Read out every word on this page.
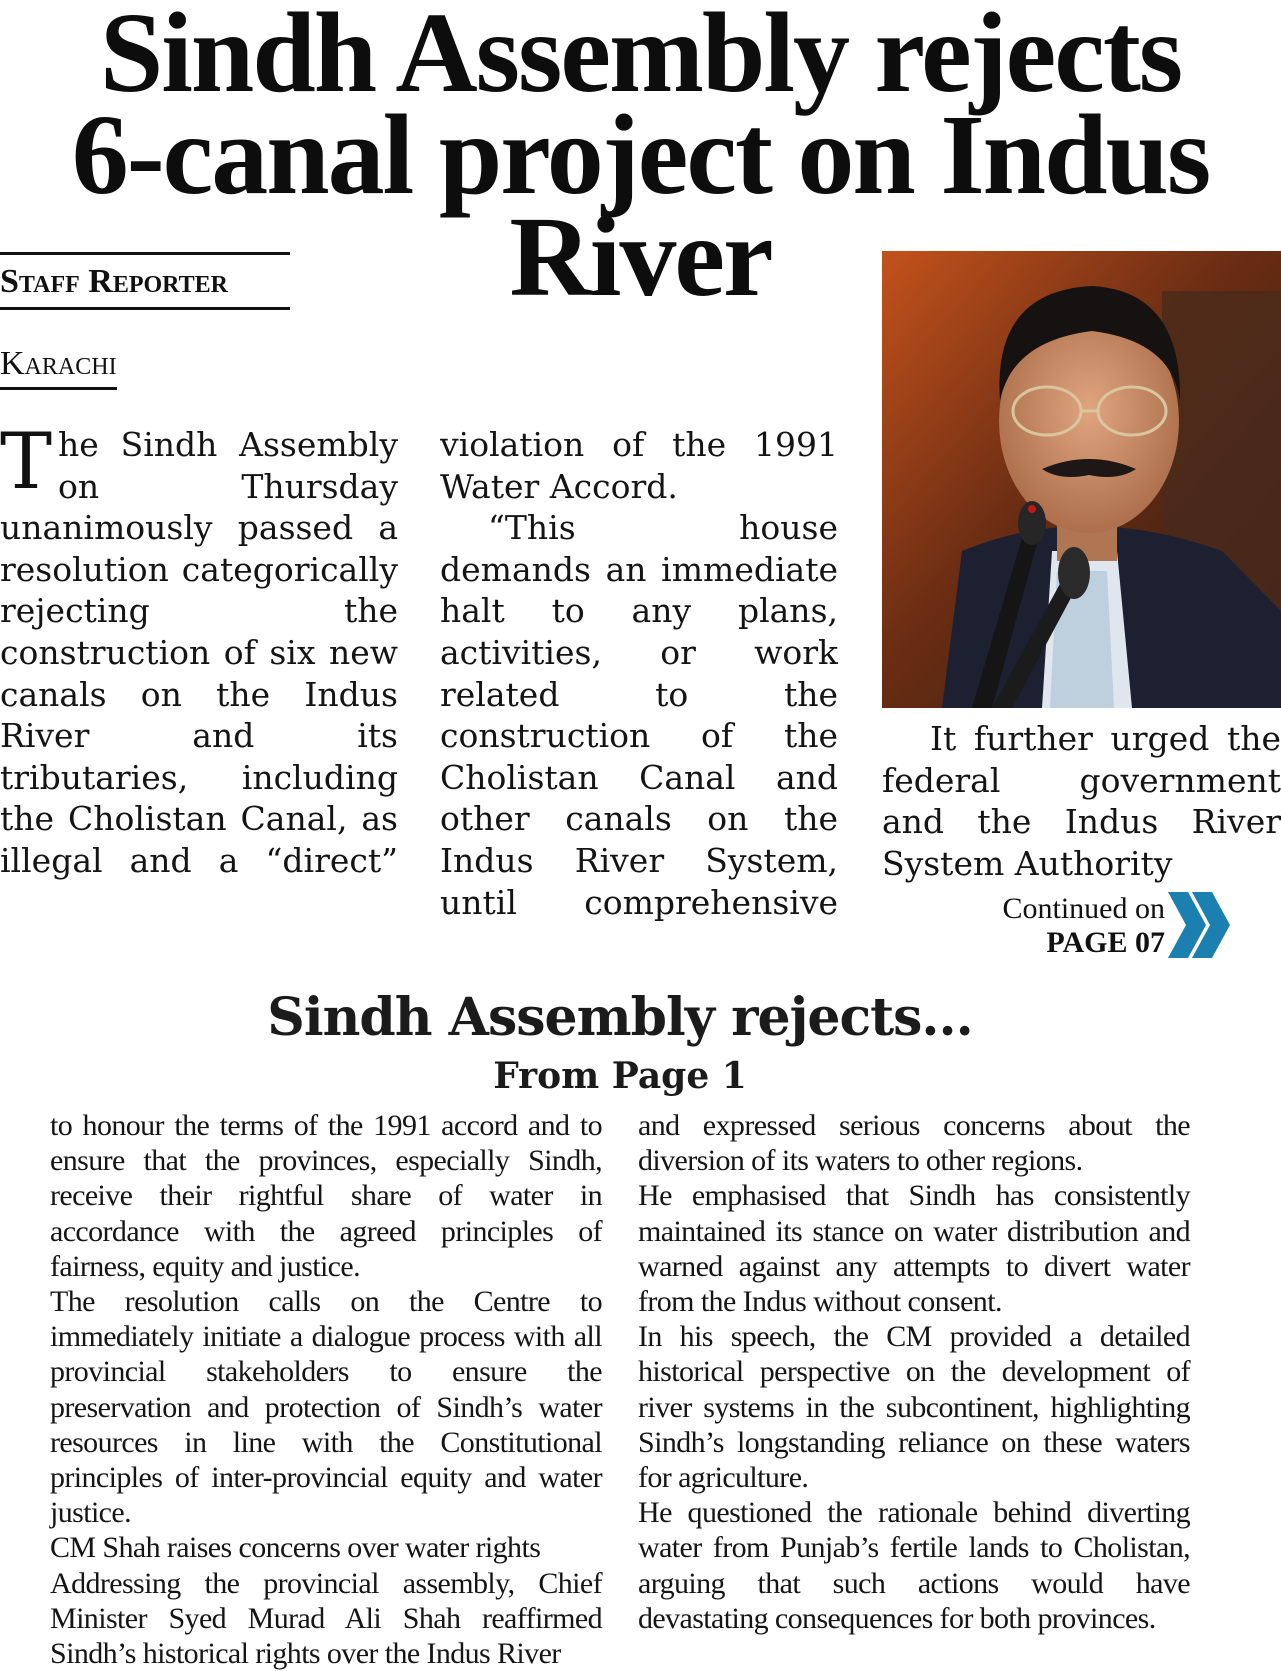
Sindh Assembly rejects
6-canal project on Indus River
Staff Reporter
Karachi

The Sindh Assembly on Thursday unanimously passed a resolution categorically rejecting the construction of six new canals on the Indus River and its tributaries, including the Cholistan Canal, as illegal and a “direct”

violation of the 1991 Water Accord.

“This house demands an immediate halt to any plans, activities, or work related to the construction of the Cholistan Canal and other canals on the Indus River System, until comprehensive

It further urged the federal government and the Indus River System Authority

Continued on
PAGE 07
Sindh Assembly rejects...
From Page 1

to honour the terms of the 1991 accord and to ensure that the provinces, especially Sindh, receive their rightful share of water in accordance with the agreed principles of fairness, equity and justice.

The resolution calls on the Centre to immediately initiate a dialogue process with all provincial stakeholders to ensure the preservation and protection of Sindh’s water resources in line with the Constitutional principles of inter-provincial equity and water justice.

CM Shah raises concerns over water rights

Addressing the provincial assembly, Chief Minister Syed Murad Ali Shah reaffirmed Sindh’s historical rights over the Indus River

and expressed serious concerns about the diversion of its waters to other regions.

He emphasised that Sindh has consistently maintained its stance on water distribution and warned against any attempts to divert water from the Indus without consent.

In his speech, the CM provided a detailed historical perspective on the development of river systems in the subcontinent, highlighting Sindh’s longstanding reliance on these waters for agriculture.

He questioned the rationale behind diverting water from Punjab’s fertile lands to Cholistan, arguing that such actions would have devastating consequences for both provinces.
